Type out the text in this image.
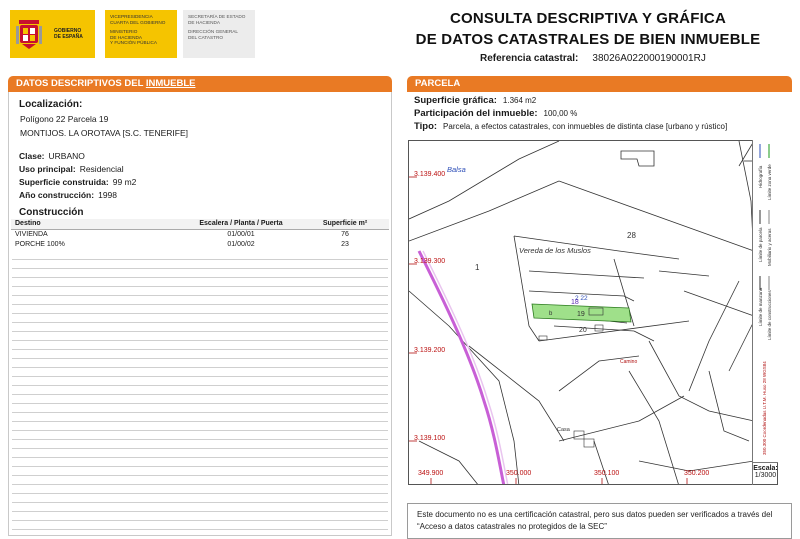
GOBIERNO
DE ESPAÑA
VICEPRESIDENCIA
CUARTA DEL GOBIERNO
MINISTERIO
DE HACIENDA
Y FUNCIÓN PÚBLICA
SECRETARÍA DE ESTADO
DE HACIENDA
DIRECCIÓN GENERAL
DEL CATASTRO
CONSULTA DESCRIPTIVA Y GRÁFICA
DE DATOS CATASTRALES DE BIEN INMUEBLE
Referencia catastral: 38026A022000190001RJ
DATOS DESCRIPTIVOS DEL INMUEBLE
Localización:
Polígono 22 Parcela 19
MONTIJOS. LA OROTAVA [S.C. TENERIFE]
Clase: URBANO
Uso principal: Residencial
Superficie construida: 99 m2
Año construcción: 1998
Construcción
Destino	Escalera / Planta / Puerta	Superficie m²
VIVIENDA	01/00/01	76
PORCHE 100%	01/00/02	23
PARCELA
Superficie gráfica: 1.364 m2
Participación del inmueble: 100,00 %
Tipo: Parcela, a efectos catastrales, con inmuebles de distinta clase [urbano y rústico]
Balsa
28
1
Vereda de los Muslos
2 22
18
b	19
20
Camino
Casa
3.139.400
3.139.300
3.139.200
3.139.100
349.900	350.000	350.100	350.200
Hidrografía Límite zona verde
Límite de parcela Mobiliario y aceras
Límite de manzana Límite de construcciones
350.300 Coordenadas U.T.M. Huso 28 WGS84
Escala:
1/3000
Este documento no es una certificación catastral, pero sus datos pueden ser verificados a través del “Acceso a datos catastrales no protegidos de la SEC”
